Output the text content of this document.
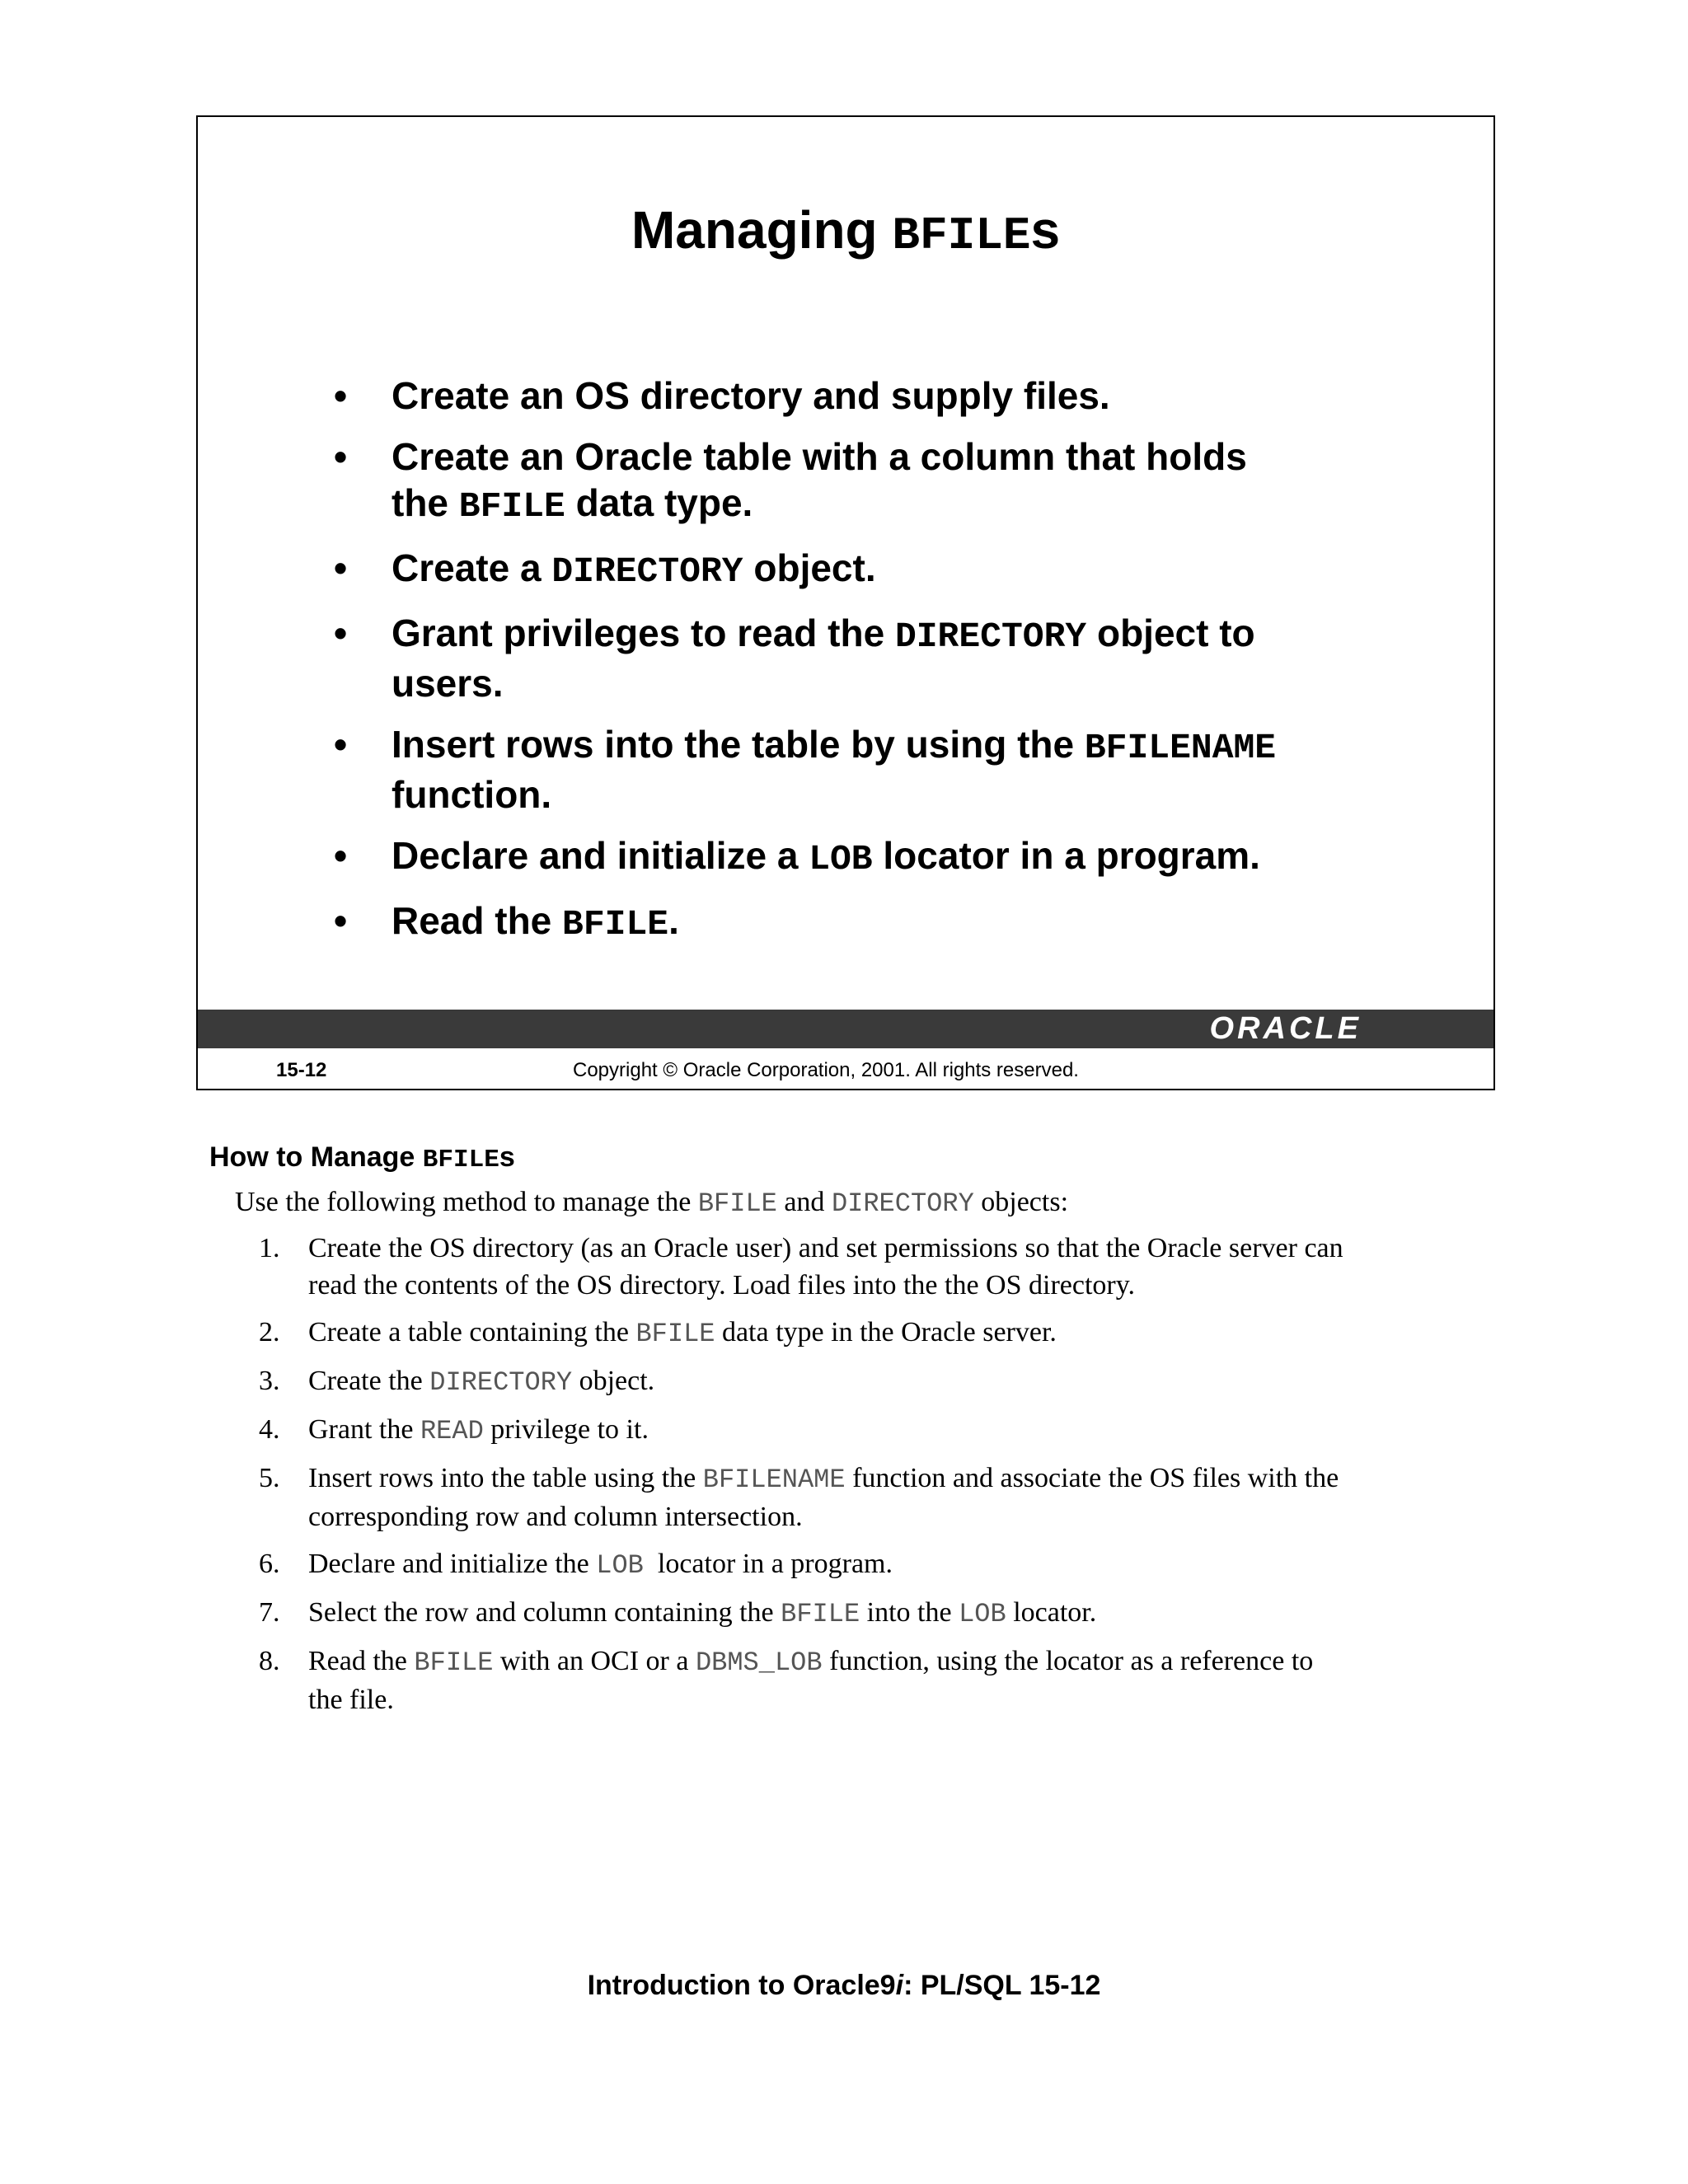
Managing BFILEs
• Create an OS directory and supply files.
• Create an Oracle table with a column that holds
the BFILE data type.
• Create a DIRECTORY object.
• Grant privileges to read the DIRECTORY object to
users.
• Insert rows into the table by using the BFILENAME
function.
• Declare and initialize a LOB locator in a program.
• Read the BFILE.
ORACLE
15-12	Copyright © Oracle Corporation, 2001. All rights reserved.
How to Manage BFILEs
Use the following method to manage the BFILE and DIRECTORY objects:
1. Create the OS directory (as an Oracle user) and set permissions so that the Oracle server can
read the contents of the OS directory. Load files into the the OS directory.
2. Create a table containing the BFILE data type in the Oracle server.
3. Create the DIRECTORY object.
4. Grant the READ privilege to it.
5. Insert rows into the table using the BFILENAME function and associate the OS files with the
corresponding row and column intersection.
6. Declare and initialize the LOB  locator in a program.
7. Select the row and column containing the BFILE into the LOB locator.
8. Read the BFILE with an OCI or a DBMS_LOB function, using the locator as a reference to
the file.
Introduction to Oracle9i: PL/SQL 15-12
